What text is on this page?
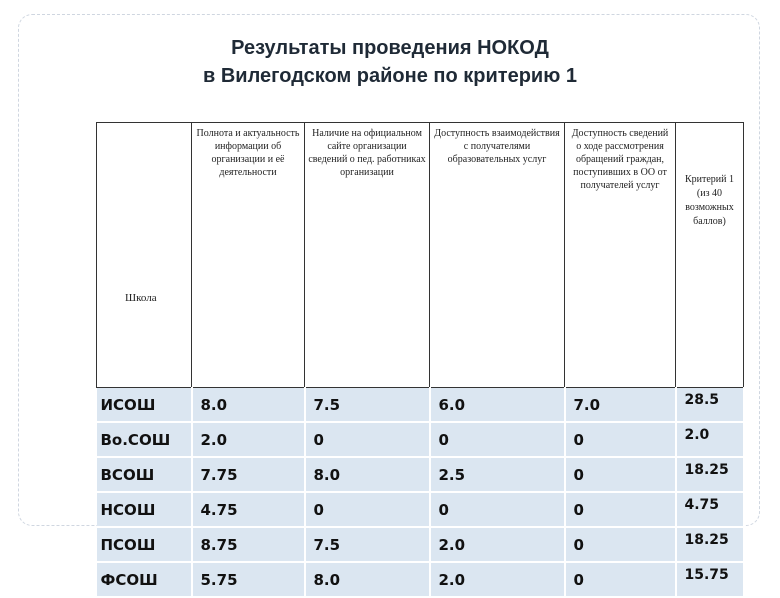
Результаты проведения НОКОД
в Вилегодском районе по критерию 1
Школа	Полнота и актуальность информации об организации и её деятельности	Наличие на официальном сайте организации сведений о пед. работниках организации	Доступность взаимодействия с получателями образовательных услуг	Доступность сведений о ходе рассмотрения обращений граждан, поступивших в ОО от получателей услуг	Критерий 1 (из 40 возможных баллов)

ИСОШ	8.0	7.5	6.0	7.0	28.5
Во.СОШ	2.0	0	0	0	2.0
ВСОШ	7.75	8.0	2.5	0	18.25
НСОШ	4.75	0	0	0	4.75
ПСОШ	8.75	7.5	2.0	0	18.25
ФСОШ	5.75	8.0	2.0	0	15.75
